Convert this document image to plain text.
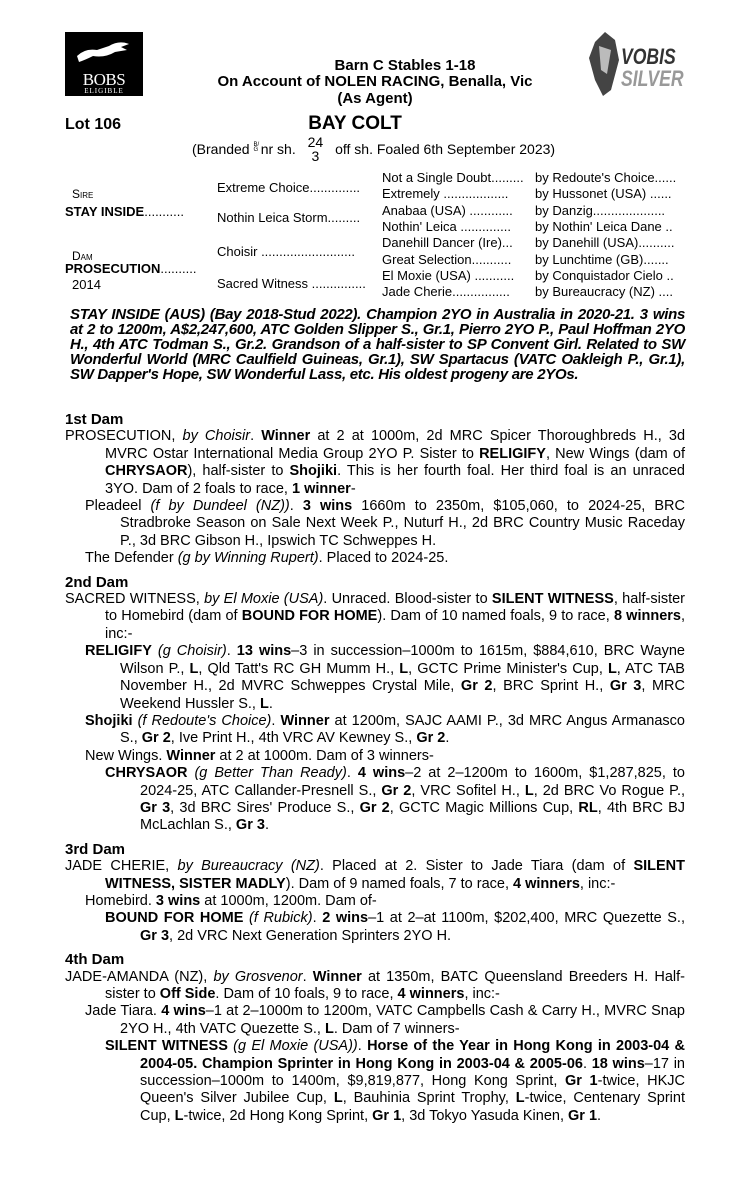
BOBS
ELIGIBLE
VOBIS
SILVER
Barn C Stables 1-18
On Account of NOLEN RACING, Benalla, Vic
(As Agent)
Lot 106	BAY COLT
(Branded B/G nr sh. 24
3 off sh. Foaled 6th September 2023)
Sire
STAY INSIDE...........
Dam
PROSECUTION..........
2014
STAY INSIDE (AUS) (Bay 2018-Stud 2022). Champion 2YO in Australia in 2020-21. 3 wins at 2 to 1200m, A$2,247,600, ATC Golden Slipper S., Gr.1, Pierro 2YO P., Paul Hoffman 2YO H., 4th ATC Todman S., Gr.2. Grandson of a half-sister to SP Convent Girl. Related to SW Wonderful World (MRC Caulfield Guineas, Gr.1), SW Spartacus (VATC Oakleigh P., Gr.1), SW Dapper's Hope, SW Wonderful Lass, etc. His oldest progeny are 2YOs.
1st Dam
PROSECUTION, by Choisir. Winner at 2 at 1000m, 2d MRC Spicer Thoroughbreds H., 3d MVRC Ostar International Media Group 2YO P. Sister to RELIGIFY, New Wings (dam of CHRYSAOR), half-sister to Shojiki. This is her fourth foal. Her third foal is an unraced 3YO. Dam of 2 foals to race, 1 winner-
Pleadeel (f by Dundeel (NZ)). 3 wins 1660m to 2350m, $105,060, to 2024-25, BRC Stradbroke Season on Sale Next Week P., Nuturf H., 2d BRC Country Music Raceday P., 3d BRC Gibson H., Ipswich TC Schweppes H.
The Defender (g by Winning Rupert). Placed to 2024-25.
2nd Dam
SACRED WITNESS, by El Moxie (USA). Unraced. Blood-sister to SILENT WITNESS, half-sister to Homebird (dam of BOUND FOR HOME). Dam of 10 named foals, 9 to race, 8 winners, inc:-
RELIGIFY (g Choisir). 13 wins–3 in succession–1000m to 1615m, $884,610, BRC Wayne Wilson P., L, Qld Tatt's RC GH Mumm H., L, GCTC Prime Minister's Cup, L, ATC TAB November H., 2d MVRC Schweppes Crystal Mile, Gr 2, BRC Sprint H., Gr 3, MRC Weekend Hussler S., L.
Shojiki (f Redoute's Choice). Winner at 1200m, SAJC AAMI P., 3d MRC Angus Armanasco S., Gr 2, Ive Print H., 4th VRC AV Kewney S., Gr 2.
New Wings. Winner at 2 at 1000m. Dam of 3 winners-
CHRYSAOR (g Better Than Ready). 4 wins–2 at 2–1200m to 1600m, $1,287,825, to 2024-25, ATC Callander-Presnell S., Gr 2, VRC Sofitel H., L, 2d BRC Vo Rogue P., Gr 3, 3d BRC Sires' Produce S., Gr 2, GCTC Magic Millions Cup, RL, 4th BRC BJ McLachlan S., Gr 3.
3rd Dam
JADE CHERIE, by Bureaucracy (NZ). Placed at 2. Sister to Jade Tiara (dam of SILENT WITNESS, SISTER MADLY). Dam of 9 named foals, 7 to race, 4 winners, inc:-
Homebird. 3 wins at 1000m, 1200m. Dam of-
BOUND FOR HOME (f Rubick). 2 wins–1 at 2–at 1100m, $202,400, MRC Quezette S., Gr 3, 2d VRC Next Generation Sprinters 2YO H.
4th Dam
JADE-AMANDA (NZ), by Grosvenor. Winner at 1350m, BATC Queensland Breeders H. Half-sister to Off Side. Dam of 10 foals, 9 to race, 4 winners, inc:-
Jade Tiara. 4 wins–1 at 2–1000m to 1200m, VATC Campbells Cash & Carry H., MVRC Snap 2YO H., 4th VATC Quezette S., L. Dam of 7 winners-
SILENT WITNESS (g El Moxie (USA)). Horse of the Year in Hong Kong in 2003-04 & 2004-05. Champion Sprinter in Hong Kong in 2003-04 & 2005-06. 18 wins–17 in succession–1000m to 1400m, $9,819,877, Hong Kong Sprint, Gr 1-twice, HKJC Queen's Silver Jubilee Cup, L, Bauhinia Sprint Trophy, L-twice, Centenary Sprint Cup, L-twice, 2d Hong Kong Sprint, Gr 1, 3d Tokyo Yasuda Kinen, Gr 1.
Extreme Choice..............
Nothin Leica Storm.........
Choisir ..........................
Sacred Witness ...............
Not a Single Doubt.........
Extremely ..................
Anabaa (USA) ............
Nothin' Leica ..............
Danehill Dancer (Ire)...
Great Selection...........
El Moxie (USA) ...........
Jade Cherie................
by Redoute's Choice......
by Hussonet (USA) ......
by Danzig....................
by Nothin' Leica Dane ..
by Danehill (USA)..........
by Lunchtime (GB).......
by Conquistador Cielo ..
by Bureaucracy (NZ) ....
